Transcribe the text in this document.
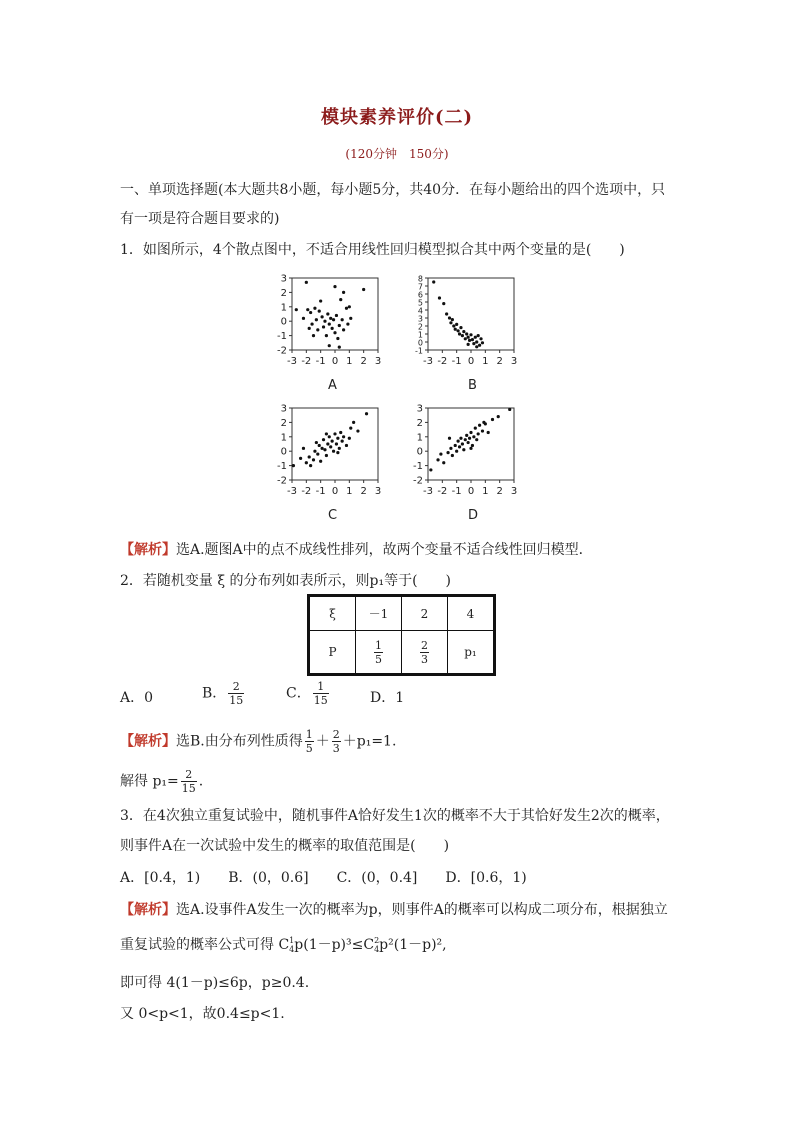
模块素养评价(二)
(120分钟　150分)
一、单项选择题(本大题共8小题，每小题5分，共40分．在每小题给出的四个选项中，只
有一项是符合题目要求的)
1．如图所示，4个散点图中，不适合用线性回归模型拟合其中两个变量的是(　　)
-3 -2 -1 0 1 2 3
3
2
1
0
-1
-2
A
-3 -2 -1 0 1 2 3
8
7
6
5
4
3
2
1
0
-1
B
-3 -2 -1 0 1 2 3
3
2
1
0
-1
-2
C
-3 -2 -1 0 1 2 3
3
2
1
0
-1
-2
D
【解析】选A.题图A中的点不成线性排列，故两个变量不适合线性回归模型．
2．若随机变量 ξ 的分布列如表所示，则p₁等于(　　)
ξ	－1	2	4
P	$\frac{1}{5}$	$\frac{2}{3}$	p₁
A．0	B． $\frac{2}{15}$	C． $\frac{1}{15}$	D．1
【解析】选B.由分布列性质得 $\frac{1}{5} + \frac{2}{3} +p_1=1$.
解得 $p_1= \frac{2}{15}$ .
3．在4次独立重复试验中，随机事件A恰好发生1次的概率不大于其恰好发生2次的概率，
则事件A在一次试验中发生的概率的取值范围是(　　)
A．[0.4，1)　　B．(0，0.6]　　C．(0，0.4]　　D．[0.6，1)
【解析】选A.设事件A发生一次的概率为p，则事件A的概率可以构成二项分布，根据独立
重复试验的概率公式可得 C 1
4 p(1－p)³≤C 2
4 p²(1－p)²,
即可得 4(1－p)≤6p，p≥0.4.
又 0<p<1，故0.4≤p<1.
